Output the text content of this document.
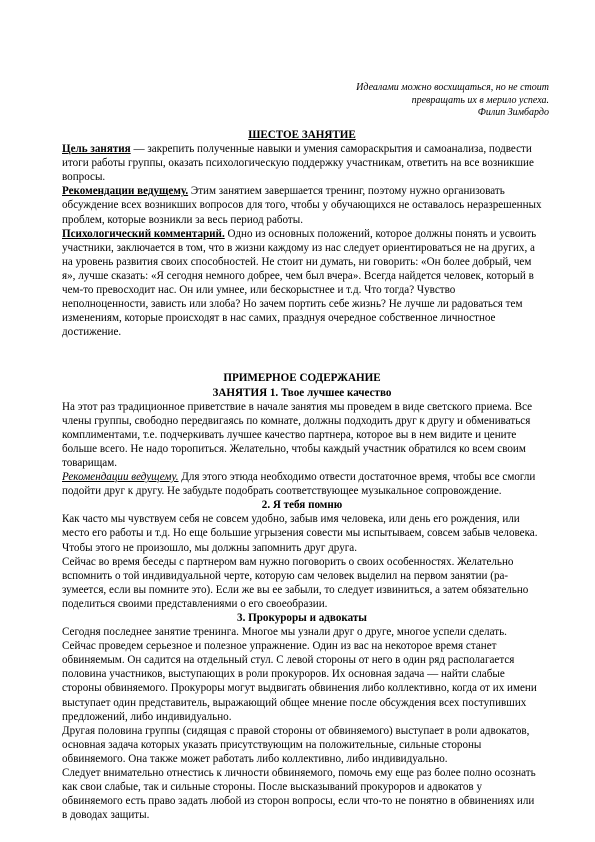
Идеалами можно восхищаться, но не стоит
превращать их в мерило успеха.
Филип Зимбардо

ШЕСТОЕ ЗАНЯТИЕ

Цель занятия — закрепить полученные навыки и умения самораскрытия и самоанализа, подвести итоги работы группы, оказать психологическую поддержку участникам, ответить на все возникшие вопросы.

Рекомендации ведущему. Этим занятием завершается тренинг, поэтому нужно организовать обсуждение всех возникших вопросов для того, чтобы у обучающихся не оставалось неразрешенных проблем, которые возникли за весь период работы.

Психологический комментарий. Одно из основных положений, которое должны понять и усвоить участники, заключается в том, что в жизни каждому из нас следует ориентироваться не на других, а на уровень развития своих способностей. Не стоит ни думать, ни говорить: «Он более добрый, чем я», лучше сказать: «Я сегодня немного добрее, чем был вчера». Всегда найдется человек, который в чем-то превосходит нас. Он или умнее, или бескорыстнее и т.д. Что тогда? Чувство неполноценности, зависть или злоба? Но зачем портить себе жизнь? Не лучше ли радоваться тем изменениям, которые происходят в нас самих, празднуя очередное собственное личностное достижение.

ПРИМЕРНОЕ СОДЕРЖАНИЕ

ЗАНЯТИЯ 1. Твое лучшее качество

На этот раз традиционное приветствие в начале занятия мы проведем в виде светского приема. Все члены группы, свободно передвигаясь по комнате, должны подходить друг к другу и обмениваться комплиментами, т.е. подчеркивать лучшее качество партнера, которое вы в нем видите и цените больше всего. Не надо торопиться. Желательно, чтобы каждый участник обратился ко всем своим товарищам.

Рекомендации ведущему. Для этого этюда необходимо отвести достаточное время, чтобы все смогли подойти друг к другу. Не забудьте подобрать соответствующее музыкальное сопровождение.

2. Я тебя помню

Как часто мы чувствуем себя не совсем удобно, забыв имя человека, или день его рождения, или место его работы и т.д. Но еще большие угрызения совести мы испытываем, совсем забыв человека. Чтобы этого не произошло, мы должны запомнить друг друга.

Сейчас во время беседы с партнером вам нужно поговорить о своих особенностях. Желательно вспомнить о той индивидуальной черте, которую сам человек выделил на первом занятии (разумеется, если вы помните это). Если же вы ее забыли, то следует извиниться, а затем обязательно поделиться своими представлениями о его своеобразии.

3. Прокуроры и адвокаты

Сегодня последнее занятие тренинга. Многое мы узнали друг о друге, многое успели сделать. Сейчас проведем серьезное и полезное упражнение. Один из вас на некоторое время станет обвиняемым. Он садится на отдельный стул. С левой стороны от него в один ряд располагается половина участников, выступающих в роли прокуроров. Их основная задача — найти слабые стороны обвиняемого. Прокуроры могут выдвигать обвинения либо коллективно, когда от их имени выступает один представитель, выражающий общее мнение после обсуждения всех поступивших предложений, либо индивидуально.

Другая половина группы (сидящая с правой стороны от обвиняемого) выступает в роли адвокатов, основная задача которых указать присутствующим на положительные, сильные стороны обвиняемого. Она также может работать либо коллективно, либо индивидуально.

Следует внимательно отнестись к личности обвиняемого, помочь ему еще раз более полно осознать как свои слабые, так и сильные стороны. После высказываний прокуроров и адвокатов у обвиняемого есть право задать любой из сторон вопросы, если что-то не понятно в обвинениях или в доводах защиты.
